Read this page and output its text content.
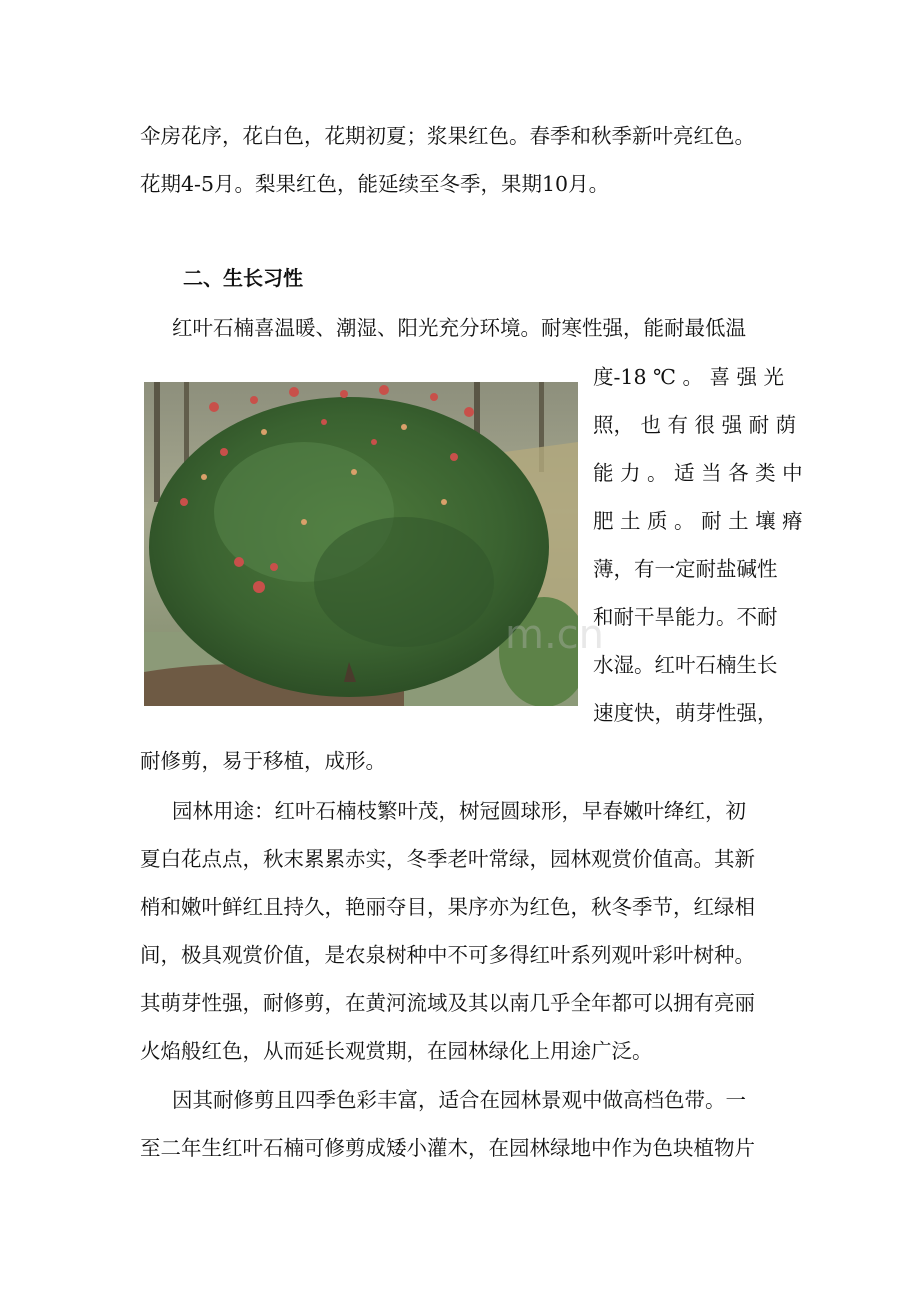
伞房花序，花白色，花期初夏；浆果红色。春季和秋季新叶亮红色。
花期4-5月。梨果红色，能延续至冬季，果期10月。
二、生长习性
红叶石楠喜温暖、潮湿、阳光充分环境。耐寒性强，能耐最低温
度-18 ℃ 。 喜 强 光
照， 也 有 很 强 耐 荫
能 力 。 适 当 各 类 中
肥 土 质 。 耐 土 壤 瘠
薄，有一定耐盐碱性
和耐干旱能力。不耐
水湿。红叶石楠生长
速度快，萌芽性强，
耐修剪，易于移植，成形。
m.cn
园林用途：红叶石楠枝繁叶茂，树冠圆球形，早春嫩叶绛红，初
夏白花点点，秋末累累赤实，冬季老叶常绿，园林观赏价值高。其新
梢和嫩叶鲜红且持久，艳丽夺目，果序亦为红色，秋冬季节，红绿相
间，极具观赏价值，是农泉树种中不可多得红叶系列观叶彩叶树种。
其萌芽性强，耐修剪，在黄河流域及其以南几乎全年都可以拥有亮丽
火焰般红色，从而延长观赏期，在园林绿化上用途广泛。
因其耐修剪且四季色彩丰富，适合在园林景观中做高档色带。一
至二年生红叶石楠可修剪成矮小灌木，在园林绿地中作为色块植物片
